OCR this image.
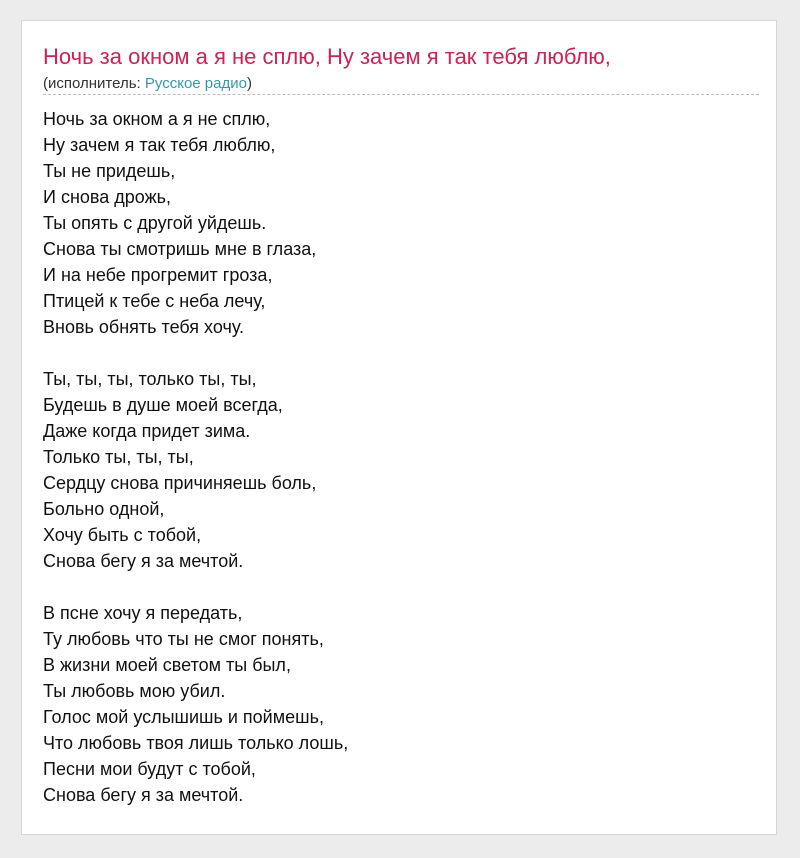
Ночь за окном а я не сплю, Ну зачем я так тебя люблю,
(исполнитель: Русское радио)
Ночь за окном а я не сплю,
Ну зачем я так тебя люблю,
Ты не придешь,
И снова дрожь,
Ты опять с другой уйдешь.
Снова ты смотришь мне в глаза,
И на небе прогремит гроза,
Птицей к тебе с неба лечу,
Вновь обнять тебя хочу.
Ты, ты, ты, только ты, ты,
Будешь в душе моей всегда,
Даже когда придет зима.
Только ты, ты, ты,
Сердцу снова причиняешь боль,
Больно одной,
Хочу быть с тобой,
Снова бегу я за мечтой.
В псне хочу я передать,
Ту любовь что ты не смог понять,
В жизни моей светом ты был,
Ты любовь мою убил.
Голос мой услышишь и поймешь,
Что любовь твоя лишь только лошь,
Песни мои будут с тобой,
Снова бегу я за мечтой.
